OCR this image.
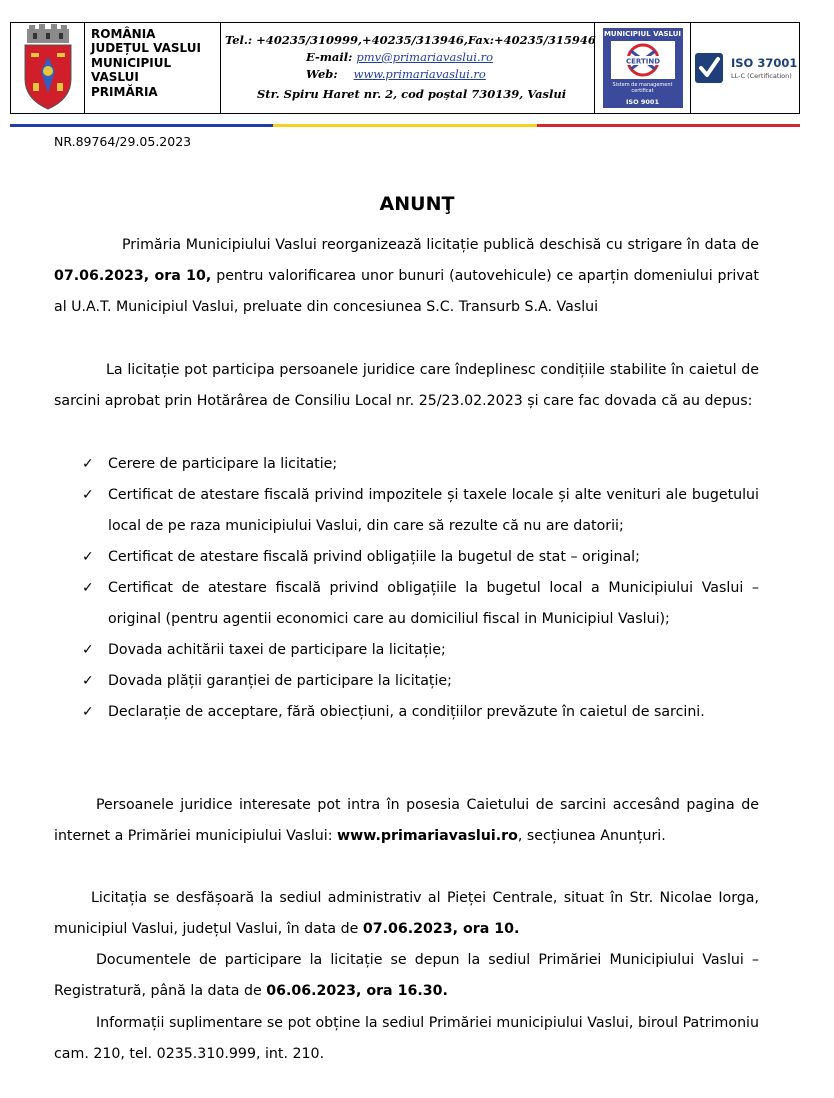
ROMÂNIA
JUDEȚUL VASLUI
MUNICIPIUL
VASLUI
PRIMĂRIA
Tel.: +40235/310999,+40235/313946,Fax:+40235/315946
E-mail: pmv@primariavaslui.ro
Web: www.primariavaslui.ro
Str. Spiru Haret nr. 2, cod poștal 730139, Vaslui
MUNICIPIUL VASLUI
CERTIND
Sistem de management
certificat
ISO 9001
ISO 37001
LL-C (Certification)
NR.89764/29.05.2023
ANUNŢ
Primăria Municipiului Vaslui reorganizează licitație publică deschisă cu strigare în data de 07.06.2023, ora 10, pentru valorificarea unor bunuri (autovehicule) ce aparțin domeniului privat al U.A.T. Municipiul Vaslui, preluate din concesiunea S.C. Transurb S.A. Vaslui
La licitație pot participa persoanele juridice care îndeplinesc condițiile stabilite în caietul de sarcini aprobat prin Hotărârea de Consiliu Local nr. 25/23.02.2023 și care fac dovada că au depus:
✓ Cerere de participare la licitatie;
✓ Certificat de atestare fiscală privind impozitele și taxele locale și alte venituri ale bugetului local de pe raza municipiului Vaslui, din care să rezulte că nu are datorii;
✓ Certificat de atestare fiscală privind obligațiile la bugetul de stat – original;
✓ Certificat de atestare fiscală privind obligațiile la bugetul local a Municipiului Vaslui – original (pentru agentii economici care au domiciliul fiscal in Municipiul Vaslui);
✓ Dovada achitării taxei de participare la licitație;
✓ Dovada plății garanției de participare la licitație;
✓ Declarație de acceptare, fără obiecțiuni, a condițiilor prevăzute în caietul de sarcini.
Persoanele juridice interesate pot intra în posesia Caietului de sarcini accesând pagina de internet a Primăriei municipiului Vaslui: www.primariavaslui.ro, secțiunea Anunțuri.
Licitația se desfășoară la sediul administrativ al Pieței Centrale, situat în Str. Nicolae Iorga, municipiul Vaslui, județul Vaslui, în data de 07.06.2023, ora 10.
Documentele de participare la licitație se depun la sediul Primăriei Municipiului Vaslui – Registratură, până la data de 06.06.2023, ora 16.30.
Informații suplimentare se pot obține la sediul Primăriei municipiului Vaslui, biroul Patrimoniu cam. 210, tel. 0235.310.999, int. 210.
